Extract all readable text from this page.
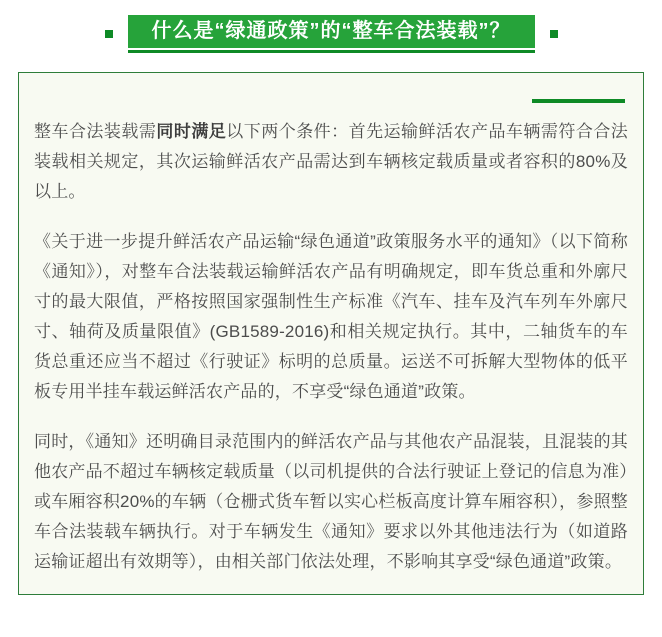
什么是“绿通政策”的“整车合法装载”？

整车合法装载需同时满足以下两个条件：首先运输鲜活农产品车辆需符合合法装载相关规定，其次运输鲜活农产品需达到车辆核定载质量或者容积的80%及以上。

《关于进一步提升鲜活农产品运输“绿色通道”政策服务水平的通知》（以下简称《通知》），对整车合法装载运输鲜活农产品有明确规定，即车货总重和外廓尺寸的最大限值，严格按照国家强制性生产标准《汽车、挂车及汽车列车外廓尺寸、轴荷及质量限值》(GB1589-2016)和相关规定执行。其中，二轴货车的车货总重还应当不超过《行驶证》标明的总质量。运送不可拆解大型物体的低平板专用半挂车载运鲜活农产品的，不享受“绿色通道”政策。

同时，《通知》还明确目录范围内的鲜活农产品与其他农产品混装，且混装的其他农产品不超过车辆核定载质量（以司机提供的合法行驶证上登记的信息为准）或车厢容积20%的车辆（仓栅式货车暂以实心栏板高度计算车厢容积），参照整车合法装载车辆执行。对于车辆发生《通知》要求以外其他违法行为（如道路运输证超出有效期等），由相关部门依法处理，不影响其享受“绿色通道”政策。
